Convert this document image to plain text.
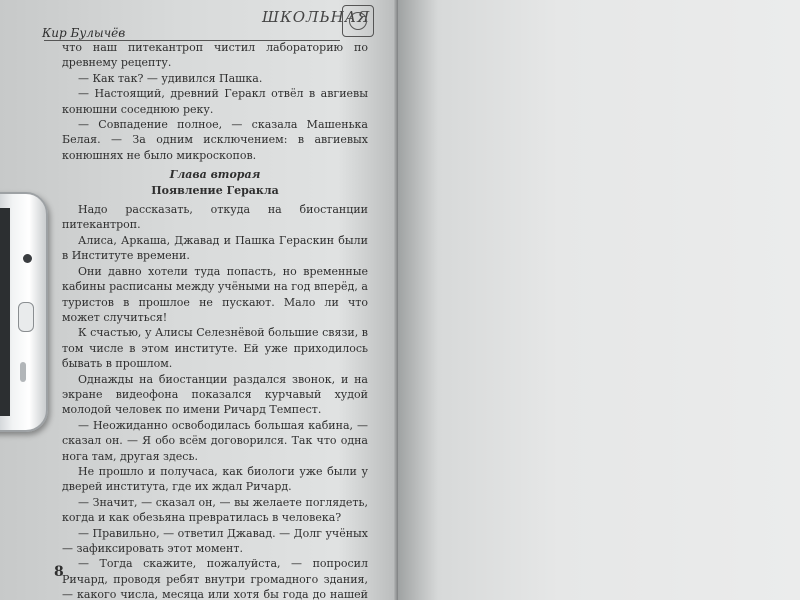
Кир Булычёв
ШКОЛЬНАЯ

что наш питекантроп чистил лабораторию по древнему рецепту.

— Как так? — удивился Пашка.

— Настоящий, древний Геракл отвёл в авгиевы конюшни соседнюю реку.

— Совпадение полное, — сказала Машенька Белая. — За одним исключением: в авгиевых конюшнях не было микроскопов.

Глава вторая

Появление Геракла

Надо рассказать, откуда на биостанции питекантроп.

Алиса, Аркаша, Джавад и Пашка Гераскин были в Институте времени.

Они давно хотели туда попасть, но временные кабины расписаны между учёными на год вперёд, а туристов в прошлое не пускают. Мало ли что может случиться!

К счастью, у Алисы Селезнёвой большие связи, в том числе в этом институте. Ей уже приходилось бывать в прошлом.

Однажды на биостанции раздался звонок, и на экране видеофона показался курчавый худой молодой человек по имени Ричард Темпест.

— Неожиданно освободилась большая кабина, — сказал он. — Я обо всём договорился. Так что одна нога там, другая здесь.

Не прошло и получаса, как биологи уже были у дверей института, где их ждал Ричард.

— Значит, — сказал он, — вы желаете поглядеть, когда и как обезьяна превратилась в человека?

— Правильно, — ответил Джавад. — Долг учёных — зафиксировать этот момент.

— Тогда скажите, пожалуйста, — попросил Ричард, проводя ребят внутри громадного здания, — какого числа, месяца или хотя бы года до нашей

8
